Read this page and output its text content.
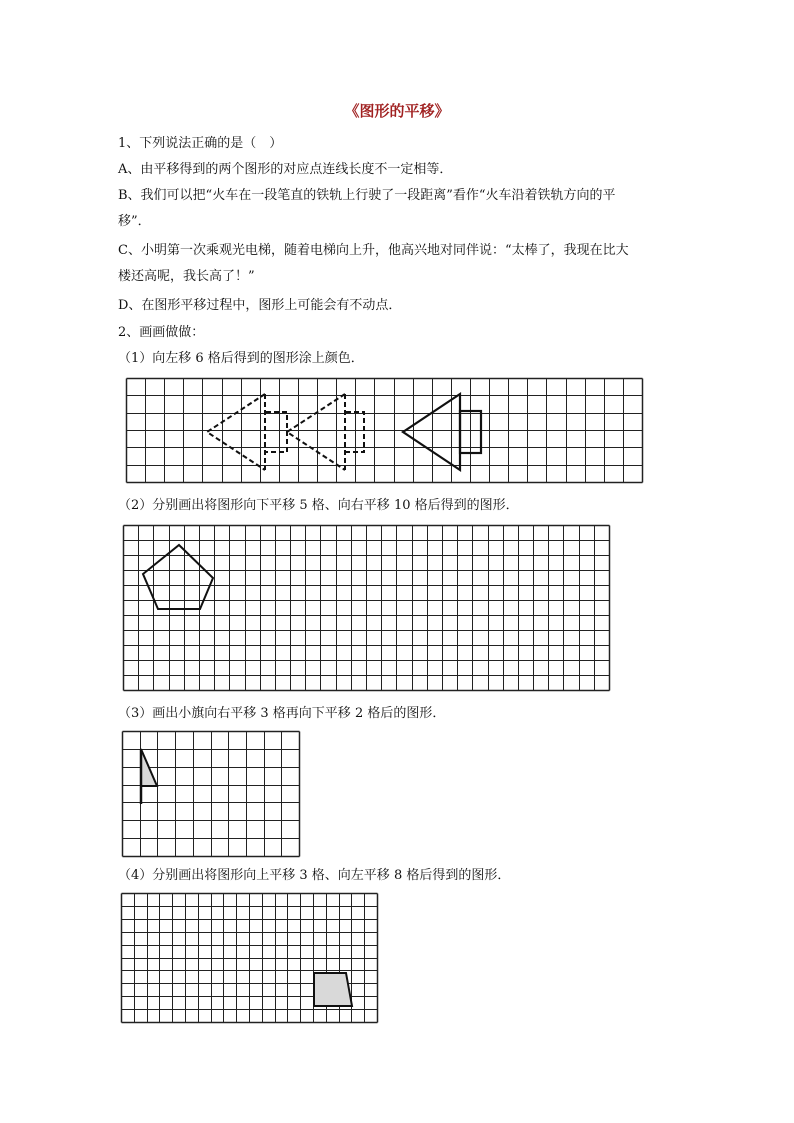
《图形的平移》
1、下列说法正确的是（　）
A、由平移得到的两个图形的对应点连线长度不一定相等．
B、我们可以把“火车在一段笔直的铁轨上行驶了一段距离”看作“火车沿着铁轨方向的平
移”．
C、小明第一次乘观光电梯，随着电梯向上升，他高兴地对同伴说：“太棒了，我现在比大
楼还高呢，我长高了！”
D、在图形平移过程中，图形上可能会有不动点．
2、画画做做：
（1）向左移 6 格后得到的图形涂上颜色．
（2）分别画出将图形向下平移 5 格、向右平移 10 格后得到的图形．
（3）画出小旗向右平移 3 格再向下平移 2 格后的图形．
（4）分别画出将图形向上平移 3 格、向左平移 8 格后得到的图形．
